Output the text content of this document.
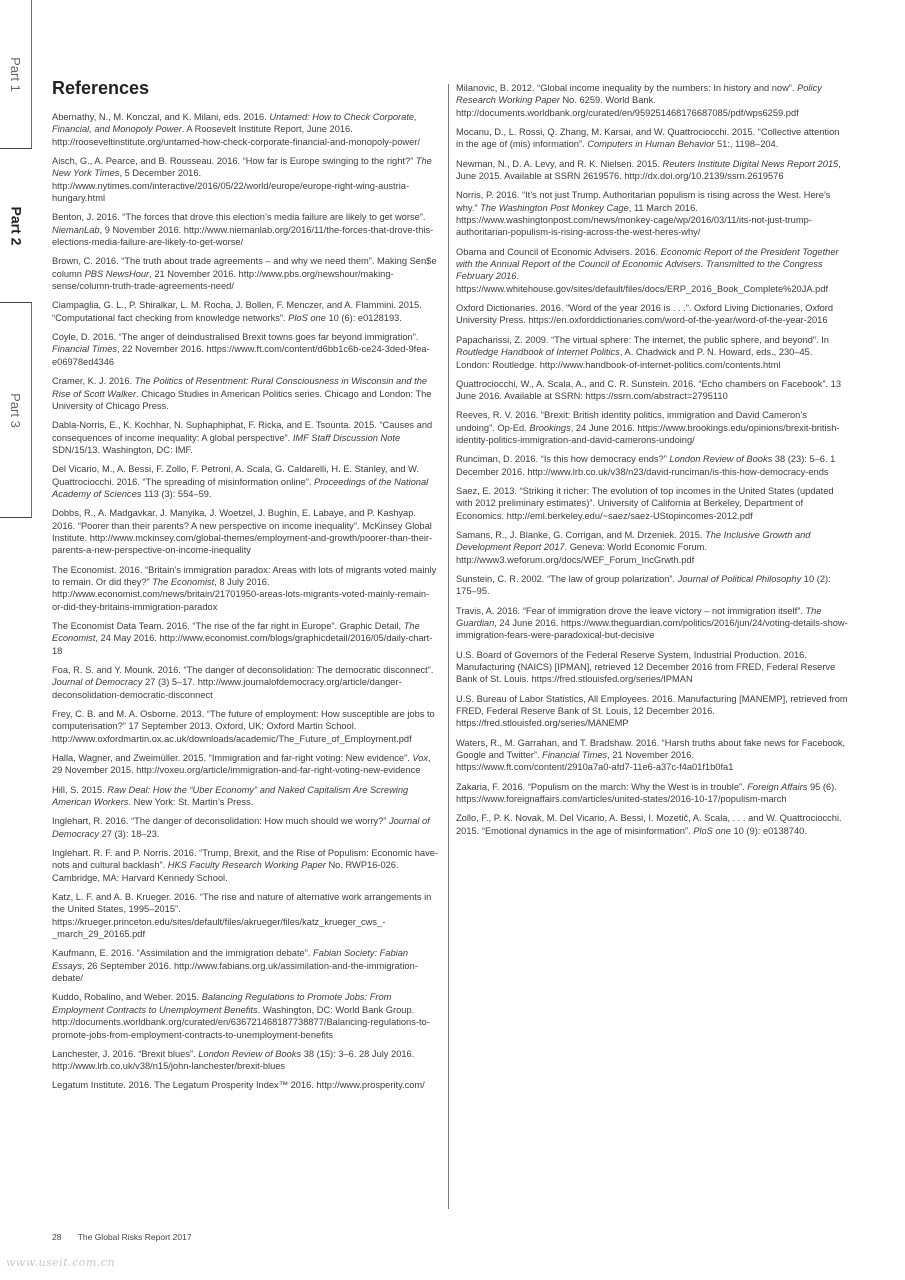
Part 1
Part 2
Part 3
References

Abernathy, N., M. Konczal, and K. Milani, eds. 2016. Untamed: How to Check Corporate, Financial, and Monopoly Power. A Roosevelt Institute Report, June 2016. http://rooseveltinstitute.org/untamed-how-check-corporate-financial-and-monopoly-power/

Aisch, G., A. Pearce, and B. Rousseau. 2016. “How far is Europe swinging to the right?” The New York Times, 5 December 2016. http://www.nytimes.com/interactive/2016/05/22/world/europe/europe-right-wing-austria-hungary.html

Benton, J. 2016. “The forces that drove this election’s media failure are likely to get worse”. NiemanLab, 9 November 2016. http://www.niemanlab.org/2016/11/the-forces-that-drove-this-elections-media-failure-are-likely-to-get-worse/

Brown, C. 2016. “The truth about trade agreements – and why we need them”. Making Sen$e column PBS NewsHour, 21 November 2016. http://www.pbs.org/newshour/making-sense/column-truth-trade-agreements-need/

Ciampaglia, G. L., P. Shiralkar, L. M. Rocha, J. Bollen, F. Menczer, and A. Flammini. 2015. “Computational fact checking from knowledge networks”. PloS one 10 (6): e0128193.

Coyle, D. 2016. “The anger of deindustralised Brexit towns goes far beyond immigration”. Financial Times, 22 November 2016. https://www.ft.com/content/d6bb1c6b-ce24-3ded-9fea-e06978ed4346

Cramer, K. J. 2016. The Politics of Resentment: Rural Consciousness in Wisconsin and the Rise of Scott Walker. Chicago Studies in American Politics series. Chicago and London: The University of Chicago Press.

Dabla-Norris, E., K. Kochhar, N. Suphaphiphat, F. Ricka, and E. Tsounta. 2015. “Causes and consequences of income inequality: A global perspective”. IMF Staff Discussion Note SDN/15/13. Washington, DC: IMF.

Del Vicario, M., A. Bessi, F. Zollo, F. Petroni, A. Scala, G. Caldarelli, H. E. Stanley, and W. Quattrociocchi. 2016. “The spreading of misinformation online”. Proceedings of the National Academy of Sciences 113 (3): 554–59.

Dobbs, R., A. Madgavkar, J. Manyika, J. Woetzel, J. Bughin, E. Labaye, and P. Kashyap. 2016. “Poorer than their parents? A new perspective on income inequality”. McKinsey Global Institute. http://www.mckinsey.com/global-themes/employment-and-growth/poorer-than-their-parents-a-new-perspective-on-income-inequality

The Economist. 2016. “Britain’s immigration paradox: Areas with lots of migrants voted mainly to remain. Or did they?” The Economist, 8 July 2016. http://www.economist.com/news/britain/21701950-areas-lots-migrants-voted-mainly-remain-or-did-they-britains-immigration-paradox

The Economist Data Team. 2016. “The rise of the far right in Europe”. Graphic Detail, The Economist, 24 May 2016. http://www.economist.com/blogs/graphicdetail/2016/05/daily-chart-18

Foa, R. S. and Y. Mounk. 2016. “The danger of deconsolidation: The democratic disconnect”. Journal of Democracy 27 (3) 5–17. http://www.journalofdemocracy.org/article/danger-deconsolidation-democratic-disconnect

Frey, C. B. and M. A. Osborne. 2013. “The future of employment: How susceptible are jobs to computerisation?” 17 September 2013. Oxford, UK: Oxford Martin School. http://www.oxfordmartin.ox.ac.uk/downloads/academic/The_Future_of_Employment.pdf

Halla, Wagner, and Zweimüller. 2015. “Immigration and far-right voting: New evidence”. Vox, 29 November 2015. http://voxeu.org/article/immigration-and-far-right-voting-new-evidence

Hill, S. 2015. Raw Deal: How the “Uber Economy” and Naked Capitalism Are Screwing American Workers. New York: St. Martin’s Press.

Inglehart, R. 2016. “The danger of deconsolidation: How much should we worry?” Journal of Democracy 27 (3): 18–23.

Inglehart. R. F. and P. Norris. 2016. “Trump, Brexit, and the Rise of Populism: Economic have-nots and cultural backlash”. HKS Faculty Research Working Paper No. RWP16-026. Cambridge, MA: Harvard Kennedy School.

Katz, L. F. and A. B. Krueger. 2016. “The rise and nature of alternative work arrangements in the United States, 1995–2015”. https://krueger.princeton.edu/sites/default/files/akrueger/files/katz_krueger_cws_-_march_29_20165.pdf

Kaufmann, E. 2016. “Assimilation and the immigration debate”. Fabian Society: Fabian Essays, 26 September 2016. http://www.fabians.org.uk/assimilation-and-the-immigration-debate/

Kuddo, Robalino, and Weber. 2015. Balancing Regulations to Promote Jobs: From Employment Contracts to Unemployment Benefits. Washington, DC: World Bank Group. http://documents.worldbank.org/curated/en/636721468187738877/Balancing-regulations-to-promote-jobs-from-employment-contracts-to-unemployment-benefits

Lanchester, J. 2016. “Brexit blues”. London Review of Books 38 (15): 3–6. 28 July 2016. http://www.lrb.co.uk/v38/n15/john-lanchester/brexit-blues

Legatum Institute. 2016. The Legatum Prosperity Index™ 2016. http://www.prosperity.com/

Milanovic, B. 2012. “Global income inequality by the numbers: In history and now”. Policy Research Working Paper No. 6259. World Bank. http://documents.worldbank.org/curated/en/959251468176687085/pdf/wps6259.pdf

Mocanu, D., L. Rossi, Q. Zhang, M. Karsai, and W. Quattrociocchi. 2015. “Collective attention in the age of (mis) information”. Computers in Human Behavior 51:, 1198–204.

Newman, N., D. A. Levy, and R. K. Nielsen. 2015. Reuters Institute Digital News Report 2015, June 2015. Available at SSRN 2619576. http://dx.doi.org/10.2139/ssrn.2619576

Norris, P. 2016. “It’s not just Trump. Authoritarian populism is rising across the West. Here’s why.” The Washington Post Monkey Cage, 11 March 2016. https://www.washingtonpost.com/news/monkey-cage/wp/2016/03/11/its-not-just-trump-authoritarian-populism-is-rising-across-the-west-heres-why/

Obama and Council of Economic Advisers. 2016. Economic Report of the President Together with the Annual Report of the Council of Economic Advisers. Transmitted to the Congress February 2016. https://www.whitehouse.gov/sites/default/files/docs/ERP_2016_Book_Complete%20JA.pdf

Oxford Dictionaries. 2016. “Word of the year 2016 is . . .”. Oxford Living Dictionaries, Oxford University Press. https://en.oxforddictionaries.com/word-of-the-year/word-of-the-year-2016

Papacharissi, Z. 2009. “The virtual sphere: The internet, the public sphere, and beyond”. In Routledge Handbook of Internet Politics, A. Chadwick and P. N. Howard, eds., 230–45. London: Routledge. http://www.handbook-of-internet-politics.com/contents.html

Quattrociocchi, W., A. Scala, A., and C. R. Sunstein. 2016. “Echo chambers on Facebook”. 13 June 2016. Available at SSRN: https://ssrn.com/abstract=2795110

Reeves, R. V. 2016. “Brexit: British identity politics, immigration and David Cameron’s undoing”. Op-Ed. Brookings, 24 June 2016. https://www.brookings.edu/opinions/brexit-british-identity-politics-immigration-and-david-camerons-undoing/

Runciman, D. 2016. “Is this how democracy ends?” London Review of Books 38 (23): 5–6. 1 December 2016. http://www.lrb.co.uk/v38/n23/david-runciman/is-this-how-democracy-ends

Saez, E. 2013. “Striking it richer: The evolution of top incomes in the United States (updated with 2012 preliminary estimates)”. University of California at Berkeley, Department of Economics. http://eml.berkeley.edu/~saez/saez-UStopincomes-2012.pdf

Samans, R., J. Blanke, G. Corrigan, and M. Drzeniek. 2015. The Inclusive Growth and Development Report 2017. Geneva: World Economic Forum. http://www3.weforum.org/docs/WEF_Forum_IncGrwth.pdf

Sunstein, C. R. 2002. “The law of group polarization”. Journal of Political Philosophy 10 (2): 175–95.

Travis, A. 2016. “Fear of immigration drove the leave victory – not immigration itself”. The Guardian, 24 June 2016. https://www.theguardian.com/politics/2016/jun/24/voting-details-show-immigration-fears-were-paradoxical-but-decisive

U.S. Board of Governors of the Federal Reserve System, Industrial Production. 2016. Manufacturing (NAICS) [IPMAN], retrieved 12 December 2016 from FRED, Federal Reserve Bank of St. Louis. https://fred.stlouisfed.org/series/IPMAN

U.S. Bureau of Labor Statistics, All Employees. 2016. Manufacturing [MANEMP], retrieved from FRED, Federal Reserve Bank of St. Louis, 12 December 2016. https://fred.stlouisfed.org/series/MANEMP

Waters, R., M. Garrahan, and T. Bradshaw. 2016. “Harsh truths about fake news for Facebook, Google and Twitter”. Financial Times, 21 November 2016. https://www.ft.com/content/2910a7a0-afd7-11e6-a37c-f4a01f1b0fa1

Zakaria, F. 2016. “Populism on the march: Why the West is in trouble”. Foreign Affairs 95 (6). https://www.foreignaffairs.com/articles/united-states/2016-10-17/populism-march

Zollo, F., P. K. Novak, M. Del Vicario, A. Bessi, I. Mozetič, A. Scala, . . . and W. Quattrociocchi. 2015. “Emotional dynamics in the age of misinformation”. PloS one 10 (9): e0138740.

28 The Global Risks Report 2017
www.useit.com.cn
